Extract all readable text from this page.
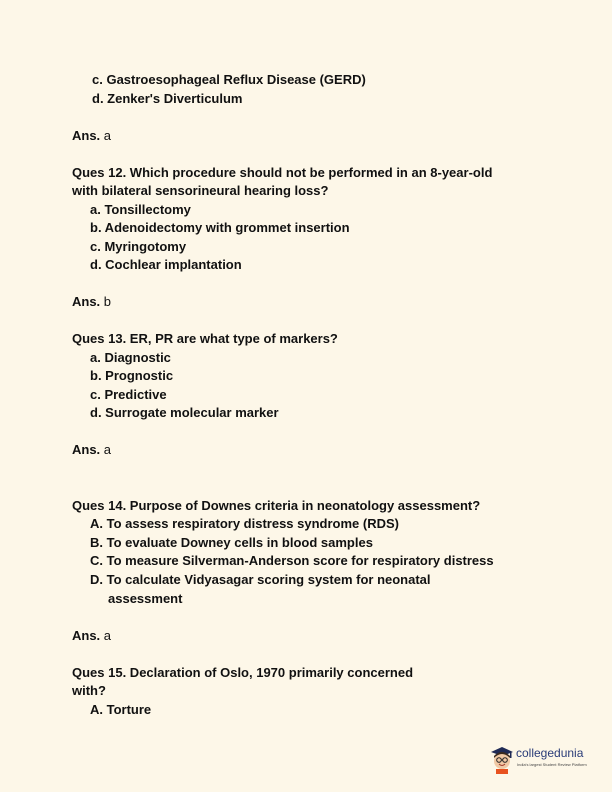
c. Gastroesophageal Reflux Disease (GERD)
d. Zenker's Diverticulum
Ans. a
Ques 12. Which procedure should not be performed in an 8-year-old
with bilateral sensorineural hearing loss?
a. Tonsillectomy
b. Adenoidectomy with grommet insertion
c. Myringotomy
d. Cochlear implantation
Ans. b
Ques 13. ER, PR are what type of markers?
a. Diagnostic
b. Prognostic
c. Predictive
d. Surrogate molecular marker
Ans. a
Ques 14. Purpose of Downes criteria in neonatology assessment?
A. To assess respiratory distress syndrome (RDS)
B. To evaluate Downey cells in blood samples
C. To measure Silverman-Anderson score for respiratory distress
D. To calculate Vidyasagar scoring system for neonatal
assessment
Ans. a
Ques 15. Declaration of Oslo, 1970 primarily concerned
with?
A. Torture
collegedunia
India's largest Student Review Platform
